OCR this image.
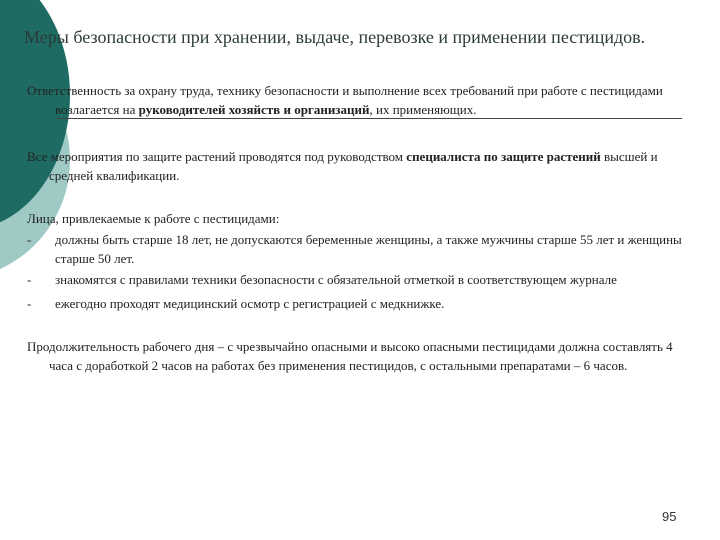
Меры безопасности при хранении, выдаче, перевозке и применении пестицидов.

Ответственность за охрану труда, технику безопасности и выполнение всех требований при работе с пестицидами возлагается на руководителей хозяйств и организаций, их применяющих.

Все мероприятия по защите растений проводятся под руководством специалиста по защите растений высшей и средней квалификации.

Лица, привлекаемые к работе с пестицидами:

-	должны быть старше 18 лет, не допускаются беременные женщины, а также мужчины старше 55 лет и женщины старше 50 лет.
-	знакомятся с правилами техники безопасности с обязательной отметкой в соответствующем журнале
-	ежегодно проходят медицинский осмотр с регистрацией с медкнижке.

Продолжительность рабочего дня – с чрезвычайно опасными и высоко опасными пестицидами должна составлять 4 часа с доработкой 2 часов на работах без применения пестицидов, с остальными препаратами – 6 часов.

95
